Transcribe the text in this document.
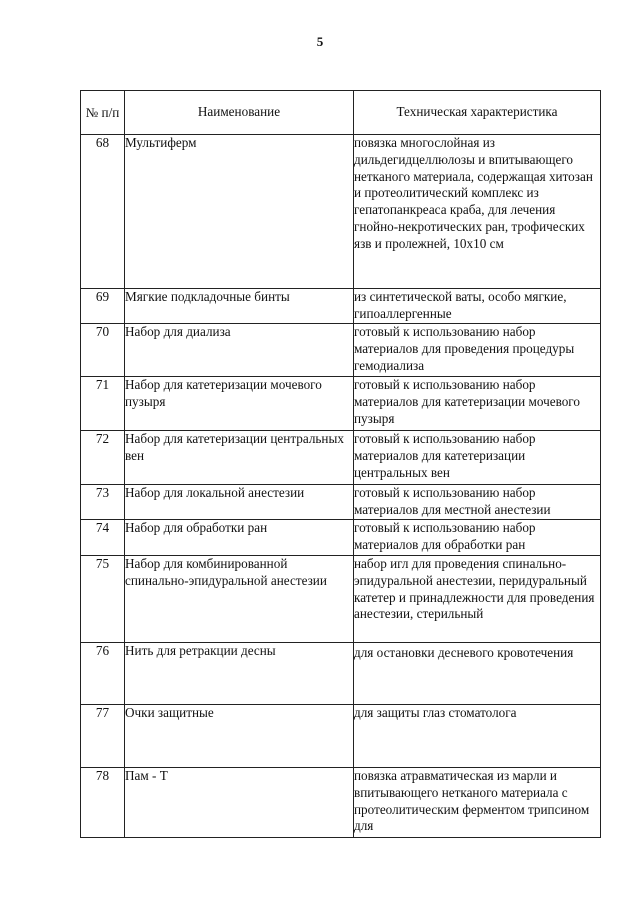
5
№ п/п	Наименование	Техническая характеристика
68	Мультиферм	повязка многослойная из дильдегидцеллюлозы и впитывающего нетканого материала, содержащая хитозан и протеолитический комплекс из гепатопанкреаса краба, для лечения гнойно-некротических ран, трофических язв и пролежней, 10x10 см
69	Мягкие подкладочные бинты	из синтетической ваты, особо мягкие, гипоаллергенные
70	Набор для диализа	готовый к использованию набор материалов для проведения процедуры гемодиализа
71	Набор для катетеризации мочевого пузыря	готовый к использованию набор материалов для катетеризации мочевого пузыря
72	Набор для катетеризации центральных вен	готовый к использованию набор материалов для катетеризации центральных вен
73	Набор для локальной анестезии	готовый к использованию набор материалов для местной анестезии
74	Набор для обработки ран	готовый к использованию набор материалов для обработки ран
75	Набор для комбинированной спинально-эпидуральной анестезии	набор игл для проведения спинально-эпидуральной анестезии, перидуральный катетер и принадлежности для проведения анестезии, стерильный
76	Нить для ретракции десны	для остановки десневого кровотечения
77	Очки защитные	для защиты глаз стоматолога
78	Пам - Т	повязка атравматическая из марли и впитывающего нетканого материала с протеолитическим ферментом трипсином для
